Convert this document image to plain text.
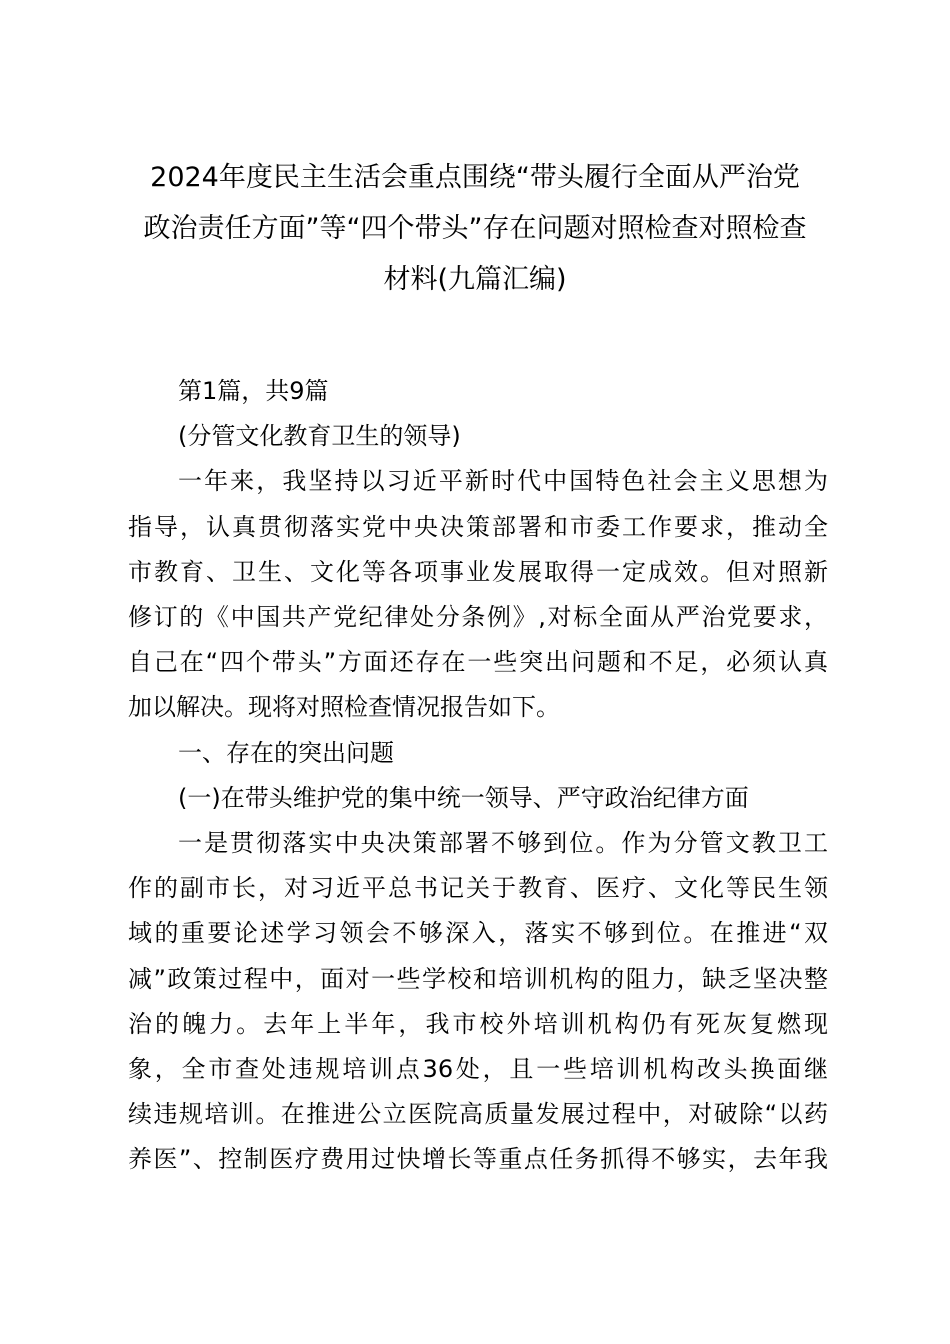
2024年度民主生活会重点围绕“带头履行全面从严治党
政治责任方面”等“四个带头”存在问题对照检查对照检查
材料(九篇汇编)

第1篇，共9篇

(分管文化教育卫生的领导)

一年来，我坚持以习近平新时代中国特色社会主义思想为
指导，认真贯彻落实党中央决策部署和市委工作要求，推动全
市教育、卫生、文化等各项事业发展取得一定成效。但对照新
修订的《中国共产党纪律处分条例》,对标全面从严治党要求，
自己在“四个带头”方面还存在一些突出问题和不足，必须认真
加以解决。现将对照检查情况报告如下。

一、存在的突出问题

(一)在带头维护党的集中统一领导、严守政治纪律方面

一是贯彻落实中央决策部署不够到位。作为分管文教卫工
作的副市长，对习近平总书记关于教育、医疗、文化等民生领
域的重要论述学习领会不够深入，落实不够到位。在推进“双
减”政策过程中，面对一些学校和培训机构的阻力，缺乏坚决整
治的魄力。去年上半年，我市校外培训机构仍有死灰复燃现
象，全市查处违规培训点36处，且一些培训机构改头换面继
续违规培训。在推进公立医院高质量发展过程中，对破除“以药
养医”、控制医疗费用过快增长等重点任务抓得不够实，去年我
